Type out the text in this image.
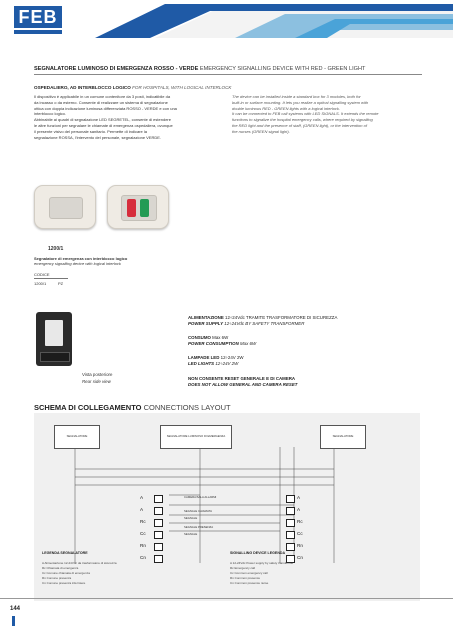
FEB
SEGNALATORE LUMINOSO DI EMERGENZA ROSSO - VERDE EMERGENCY SIGNALLING DEVICE WITH RED - GREEN LIGHT
OSPEDALIERO, AD INTERBLOCCO LOGICO FOR HOSPITALS, WITH LOGICAL INTERLOCK
Il dispositivo è applicabile in un comune contenitore da 3 posti, indicatibile da
da incasso o da esterno. Consente di realizzare un sistema di segnalazione
ottica con doppia indicazione luminosa differenziata ROSSO - VERDE e con una
interblocco logico.
Abbinabile ai quadri di segnalazione LED SEGRETEL, consente di estendere
le altre funzioni per segnalare le chiamate di emergenza ospedaliera, ovunque
il presente visivo del personale sanitario. Permette di indicare la
segnalazione ROSSA, l'intervento del personale, segnalazione VERDE.
The device can be installed inside a standard box for 3 modules, both for
built-in or surface mounting. It lets you realize a optical signalling system with
double luminous RED - GREEN lights with a logical interlock.
It can be connected to FEB call systems with LED SIGNALS. It extends the remote
functions to signalize the hospital emergency calls, where required by signalling
the RED light and the presence of staff, (GREEN light), or the intervention of
the nurses (GREEN signal light).
1200/1
Segnalatore di emergenza con interblocco logico
emergency signalling device with logical interlock
CODICE
1200/1	PZ
Vista posteriore
Rear side view
ALIMENTAZIONE 12÷24Vdc TRAMITE TRASFORMATORE DI SICUREZZA
POWER SUPPLY 12÷24Vdc BY SAFETY TRANSFORMER
CONSUMO Max 6W
POWER CONSUMPTION Max 6W
LAMPADE LED 12÷24V 2W
LED LIGHTS 12÷24V 2W
NON CONSENTE RESET GENERALE E DI CAMERA
DOES NOT ALLOW GENERAL AND CAMERA RESET
SCHEMA DI COLLEGAMENTO CONNECTIONS LAYOUT
SEGNALATORE	SEGNALATORE LUMINOSO DI EMERGENZA	SEGNALATORE
A
A
Rc
Cc
Rn
Cn
CAMERA/SALA ALLARMI
SEGNALE CHIAMATA
SEGNALE
SEGNALE PRESENZA
SEGNALE
A
A
Rc
Cc
Rn
Cn
LEGENDA SEGNALATORE
A Alimentazione 12-24Vdc da trasformatore di sicurezza
Rc Chiamata di emergenza
Cc Comune chiamata di emergenza
Rn Comune presenza
Cn Comune presenza infermiere
SIGNALLING DEVICE LEGENDA
A 12-24Vdc Power supply by safety transformer
Rc Emergency call
Cc Common emergency call
Rn Common presence
Cn Common presence nurse
144
